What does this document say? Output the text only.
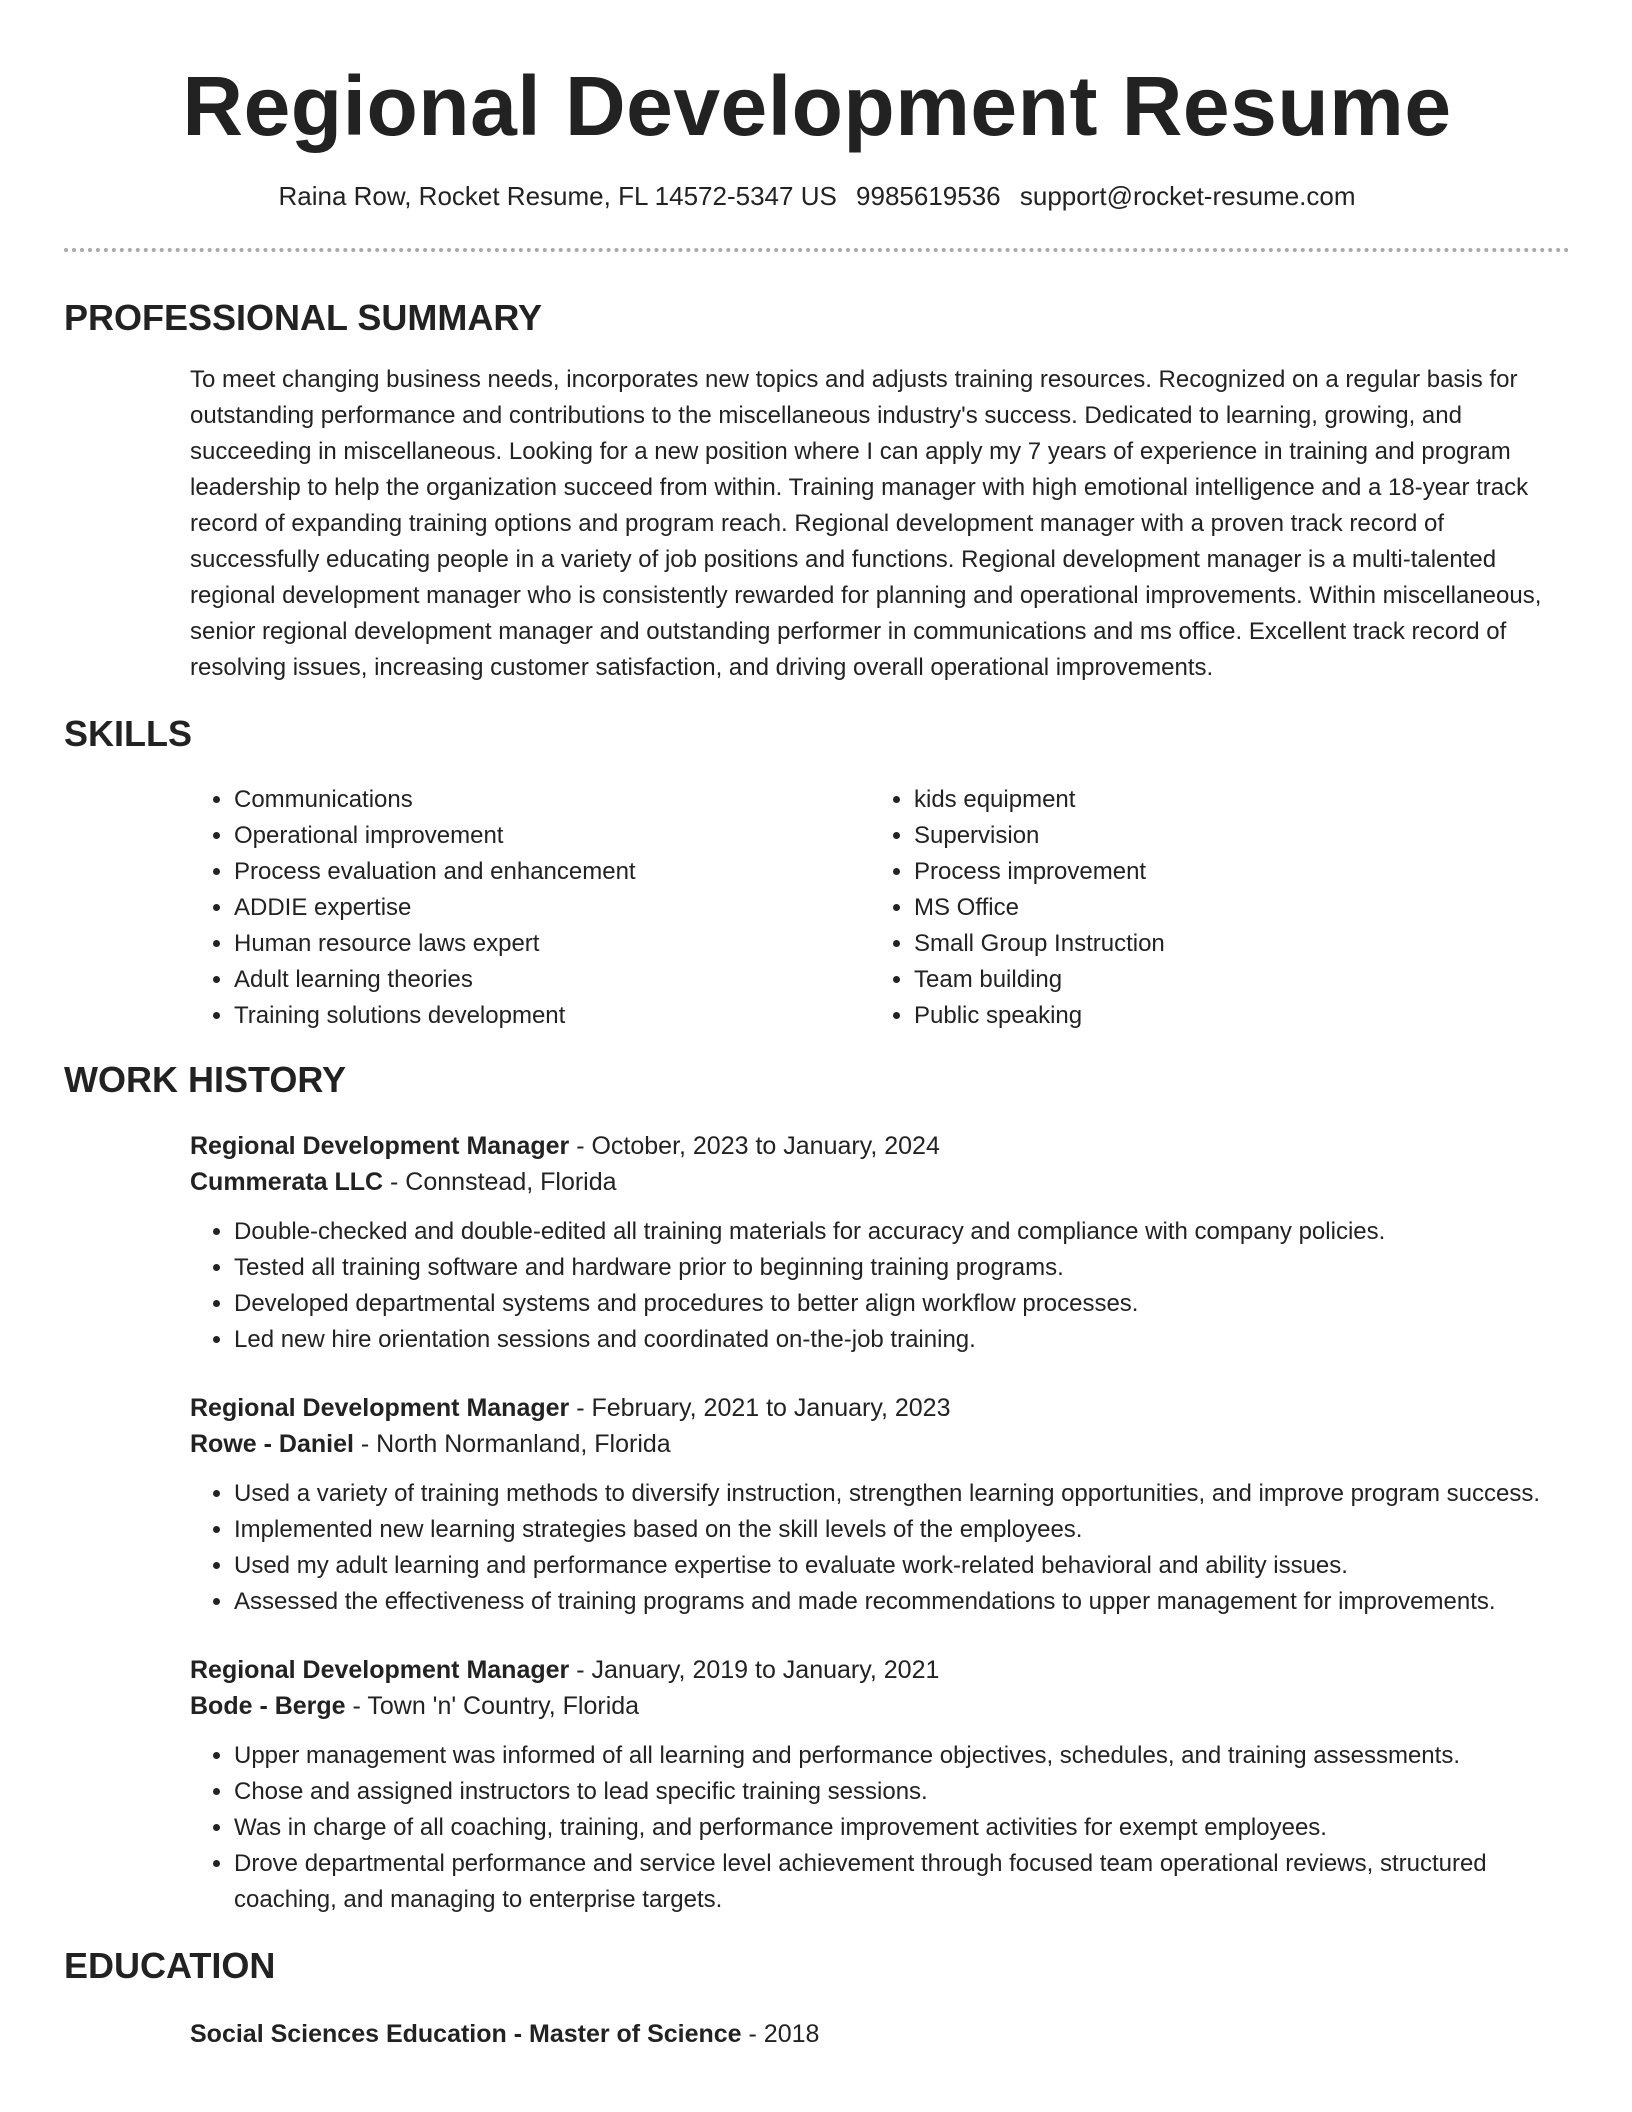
Regional Development Resume
Raina Row, Rocket Resume, FL 14572-5347 US 9985619536 support@rocket-resume.com
PROFESSIONAL SUMMARY
To meet changing business needs, incorporates new topics and adjusts training resources. Recognized on a regular basis for outstanding performance and contributions to the miscellaneous industry's success. Dedicated to learning, growing, and succeeding in miscellaneous. Looking for a new position where I can apply my 7 years of experience in training and program leadership to help the organization succeed from within. Training manager with high emotional intelligence and a 18-year track record of expanding training options and program reach. Regional development manager with a proven track record of successfully educating people in a variety of job positions and functions. Regional development manager is a multi-talented regional development manager who is consistently rewarded for planning and operational improvements. Within miscellaneous, senior regional development manager and outstanding performer in communications and ms office. Excellent track record of resolving issues, increasing customer satisfaction, and driving overall operational improvements.
SKILLS
• Communications
• Operational improvement
• Process evaluation and enhancement
• ADDIE expertise
• Human resource laws expert
• Adult learning theories
• Training solutions development
• kids equipment
• Supervision
• Process improvement
• MS Office
• Small Group Instruction
• Team building
• Public speaking
WORK HISTORY
Regional Development Manager - October, 2023 to January, 2024
Cummerata LLC - Connstead, Florida
• Double-checked and double-edited all training materials for accuracy and compliance with company policies.
• Tested all training software and hardware prior to beginning training programs.
• Developed departmental systems and procedures to better align workflow processes.
• Led new hire orientation sessions and coordinated on-the-job training.
Regional Development Manager - February, 2021 to January, 2023
Rowe - Daniel - North Normanland, Florida
• Used a variety of training methods to diversify instruction, strengthen learning opportunities, and improve program success.
• Implemented new learning strategies based on the skill levels of the employees.
• Used my adult learning and performance expertise to evaluate work-related behavioral and ability issues.
• Assessed the effectiveness of training programs and made recommendations to upper management for improvements.
Regional Development Manager - January, 2019 to January, 2021
Bode - Berge - Town 'n' Country, Florida
• Upper management was informed of all learning and performance objectives, schedules, and training assessments.
• Chose and assigned instructors to lead specific training sessions.
• Was in charge of all coaching, training, and performance improvement activities for exempt employees.
• Drove departmental performance and service level achievement through focused team operational reviews, structured coaching, and managing to enterprise targets.
EDUCATION
Social Sciences Education - Master of Science - 2018
